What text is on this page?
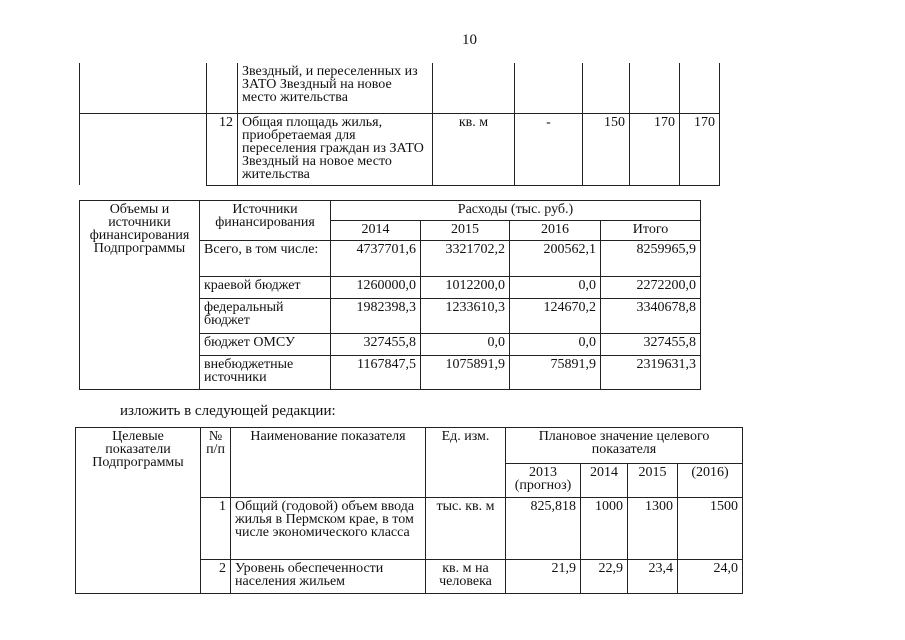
10
		Звездный, и переселенных из ЗАТО Звездный на новое место жительства					
	12	Общая площадь жилья, приобретаемая для переселения граждан из ЗАТО Звездный на новое место жительства	кв. м	-	150	170	170
Объемы и источники финансирования Подпрограммы	Источники финансирования	Расходы (тыс. руб.)			
		2014	2015	2016	Итого
	Всего, в том числе:	4737701,6	3321702,2	200562,1	8259965,9
	краевой бюджет	1260000,0	1012200,0	0,0	2272200,0
	федеральный бюджет	1982398,3	1233610,3	124670,2	3340678,8
	бюджет ОМСУ	327455,8	0,0	0,0	327455,8
	внебюджетные источники	1167847,5	1075891,9	75891,9	2319631,3
изложить в следующей редакции:
Целевые показатели Подпрограммы	№ п/п	Наименование показателя	Ед. изм.	Плановое значение целевого показателя			
				2013 (прогноз)	2014	2015	(2016)
	1	Общий (годовой) объем ввода жилья в Пермском крае, в том числе экономического класса	тыс. кв. м	825,818	1000	1300	1500
	2	Уровень обеспеченности населения жильем	кв. м на человека	21,9	22,9	23,4	24,0
